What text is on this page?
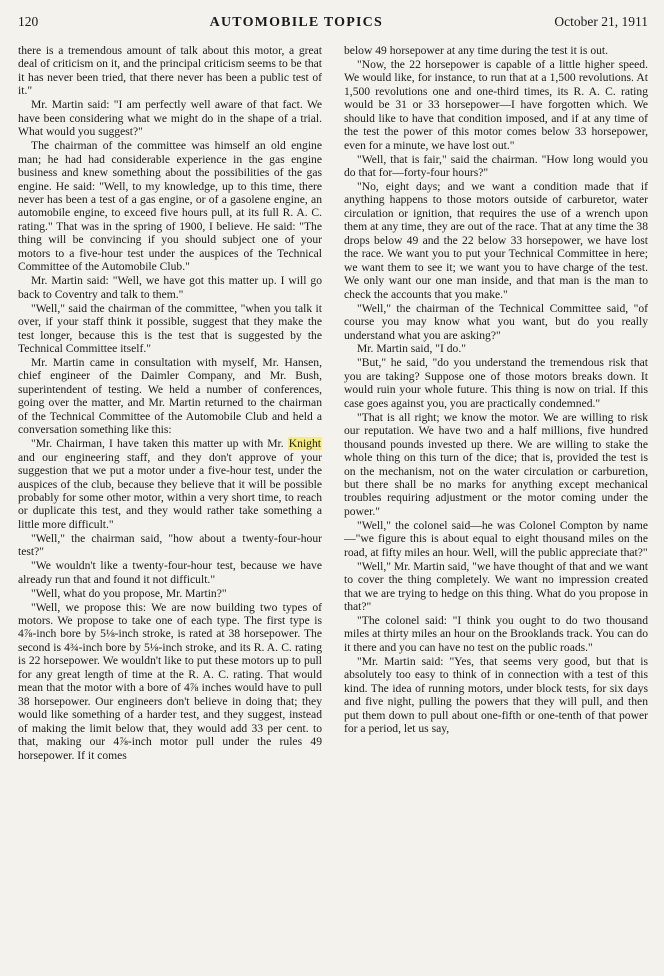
120	AUTOMOBILE TOPICS	October 21, 1911

there is a tremendous amount of talk about this motor, a great deal of criticism on it, and the principal criticism seems to be that it has never been tried, that there never has been a public test of it."

Mr. Martin said: "I am perfectly well aware of that fact. We have been considering what we might do in the shape of a trial. What would you suggest?"

The chairman of the committee was himself an old engine man; he had had considerable experience in the gas engine business and knew something about the possibilities of the gas engine. He said: "Well, to my knowledge, up to this time, there never has been a test of a gas engine, or of a gasolene engine, an automobile engine, to exceed five hours pull, at its full R. A. C. rating." That was in the spring of 1900, I believe. He said: "The thing will be convincing if you should subject one of your motors to a five-hour test under the auspices of the Technical Committee of the Automobile Club."

Mr. Martin said: "Well, we have got this matter up. I will go back to Coventry and talk to them."

"Well," said the chairman of the committee, "when you talk it over, if your staff think it possible, suggest that they make the test longer, because this is the test that is suggested by the Technical Committee itself."

Mr. Martin came in consultation with myself, Mr. Hansen, chief engineer of the Daimler Company, and Mr. Bush, superintendent of testing. We held a number of conferences, going over the matter, and Mr. Martin returned to the chairman of the Technical Committee of the Automobile Club and held a conversation something like this:

"Mr. Chairman, I have taken this matter up with Mr. Knight and our engineering staff, and they don't approve of your suggestion that we put a motor under a five-hour test, under the auspices of the club, because they believe that it will be possible probably for some other motor, within a very short time, to reach or duplicate this test, and they would rather take something a little more difficult."

"Well," the chairman said, "how about a twenty-four-hour test?"

"We wouldn't like a twenty-four-hour test, because we have already run that and found it not difficult."

"Well, what do you propose, Mr. Martin?"

"Well, we propose this: We are now building two types of motors. We propose to take one of each type. The first type is 4⅞-inch bore by 5⅛-inch stroke, is rated at 38 horsepower. The second is 4¾-inch bore by 5⅛-inch stroke, and its R. A. C. rating is 22 horsepower. We wouldn't like to put these motors up to pull for any great length of time at the R. A. C. rating. That would mean that the motor with a bore of 4⅞ inches would have to pull 38 horsepower. Our engineers don't believe in doing that; they would like something of a harder test, and they suggest, instead of making the limit below that, they would add 33 per cent. to that, making our 4⅞-inch motor pull under the rules 49 horsepower. If it comes

below 49 horsepower at any time during the test it is out.

"Now, the 22 horsepower is capable of a little higher speed. We would like, for instance, to run that at a 1,500 revolutions. At 1,500 revolutions one and one-third times, its R. A. C. rating would be 31 or 33 horsepower—I have forgotten which. We should like to have that condition imposed, and if at any time of the test the power of this motor comes below 33 horsepower, even for a minute, we have lost out."

"Well, that is fair," said the chairman. "How long would you do that for—forty-four hours?"

"No, eight days; and we want a condition made that if anything happens to those motors outside of carburetor, water circulation or ignition, that requires the use of a wrench upon them at any time, they are out of the race. That at any time the 38 drops below 49 and the 22 below 33 horsepower, we have lost the race. We want you to put your Technical Committee in here; we want them to see it; we want you to have charge of the test. We only want our one man inside, and that man is the man to check the accounts that you make."

"Well," the chairman of the Technical Committee said, "of course you may know what you want, but do you really understand what you are asking?"

Mr. Martin said, "I do."

"But," he said, "do you understand the tremendous risk that you are taking? Suppose one of those motors breaks down. It would ruin your whole future. This thing is now on trial. If this case goes against you, you are practically condemned."

"That is all right; we know the motor. We are willing to risk our reputation. We have two and a half millions, five hundred thousand pounds invested up there. We are willing to stake the whole thing on this turn of the dice; that is, provided the test is on the mechanism, not on the water circulation or carburetion, but there shall be no marks for anything except mechanical troubles requiring adjustment or the motor coming under the power."

"Well," the colonel said—he was Colonel Compton by name—"we figure this is about equal to eight thousand miles on the road, at fifty miles an hour. Well, will the public appreciate that?"

"Well," Mr. Martin said, "we have thought of that and we want to cover the thing completely. We want no impression created that we are trying to hedge on this thing. What do you propose in that?"

"The colonel said: "I think you ought to do two thousand miles at thirty miles an hour on the Brooklands track. You can do it there and you can have no test on the public roads."

"Mr. Martin said: "Yes, that seems very good, but that is absolutely too easy to think of in connection with a test of this kind. The idea of running motors, under block tests, for six days and five night, pulling the powers that they will pull, and then put them down to pull about one-fifth or one-tenth of that power for a period, let us say,
